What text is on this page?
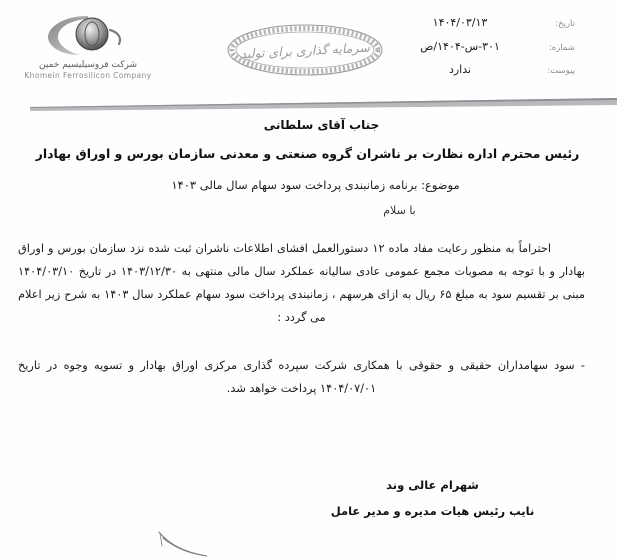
تاریخ:
۱۴۰۴/۰۳/۱۳
شماره:
۳۰۱-س-۱۴۰۴/ص
پیوست:
ندارد
سرمایه گذاری برای تولید
شرکت فروسیلیسیم خمین
Khomein Ferrosilicon Company

جناب آقای سلطانی

رئیس محترم اداره نظارت بر ناشران گروه صنعتی و معدنی سازمان بورس و اوراق بهادار

موضوع: برنامه زمانبندی پرداخت سود سهام سال مالی ۱۴۰۳

با سلام

احتراماً به منظور رعایت مفاد ماده ۱۲ دستورالعمل افشای اطلاعات ناشران ثبت شده نزد سازمان بورس و اوراق بهادار و با توجه به مصوبات مجمع عمومی عادی سالیانه عملکرد سال مالی منتهی به ۱۴۰۳/۱۲/۳۰ در تاریخ ۱۴۰۴/۰۳/۱۰ مبنی بر تقسیم سود به مبلغ ۶۵ ریال به ازای هرسهم ، زمانبندی پرداخت سود سهام عملکرد سال ۱۴۰۳ به شرح زیر اعلام می گردد :

- سود سهامداران حقیقی و حقوقی با همکاری شرکت سپرده گذاری مرکزی اوراق بهادار و تسویه وجوه در تاریخ ۱۴۰۴/۰۷/۰۱ پرداخت خواهد شد.

شهرام عالی وند
نایب رئیس هیات مدیره و مدیر عامل
